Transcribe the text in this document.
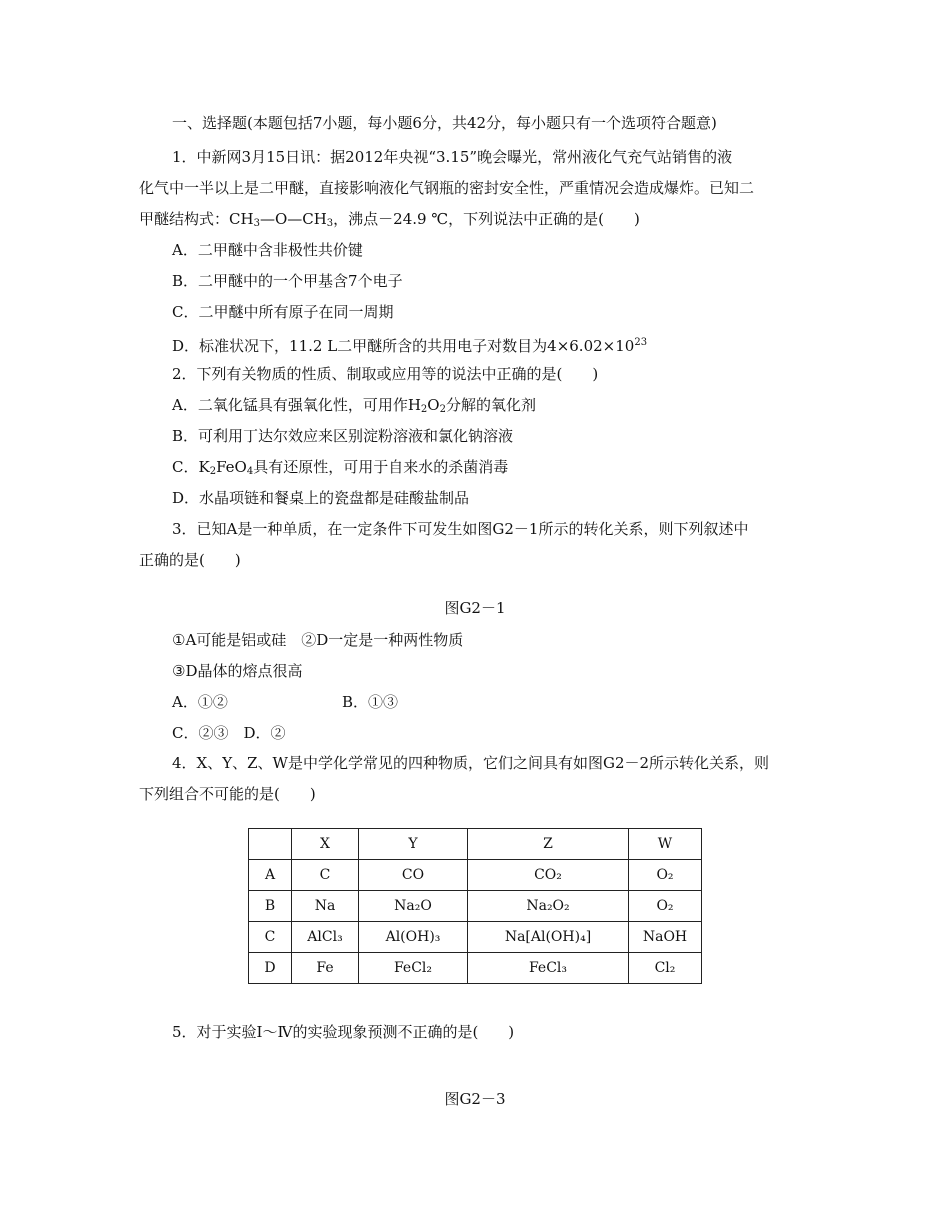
一、选择题(本题包括7小题，每小题6分，共42分，每小题只有一个选项符合题意)
1．中新网3月15日讯：据2012年央视“3.15”晚会曝光，常州液化气充气站销售的液
化气中一半以上是二甲醚，直接影响液化气钢瓶的密封安全性，严重情况会造成爆炸。已知二
甲醚结构式：$CH_3—O—CH_3$，沸点－24.9 ℃，下列说法中正确的是(　　)
A．二甲醚中含非极性共价键
B．二甲醚中的一个甲基含7个电子
C．二甲醚中所有原子在同一周期
D．标准状况下，11.2 L二甲醚所含的共用电子对数目为$4\times 6.02\times 10^{23}$
2．下列有关物质的性质、制取或应用等的说法中正确的是(　　)
A．二氧化锰具有强氧化性，可用作$H_2O_2$分解的氧化剂
B．可利用丁达尔效应来区别淀粉溶液和氯化钠溶液
C．$K_2FeO_4$具有还原性，可用于自来水的杀菌消毒
D．水晶项链和餐桌上的瓷盘都是硅酸盐制品
3．已知A是一种单质，在一定条件下可发生如图G2－1所示的转化关系，则下列叙述中
正确的是(　　)
图G2－1
①A可能是铝或硅　②D一定是一种两性物质
③D晶体的熔点很高
A．①②	B．①③
C．②③　D．②
4．X、Y、Z、W是中学化学常见的四种物质，它们之间具有如图G2－2所示转化关系，则
下列组合不可能的是(　　)
	X	Y	Z	W
A	C	CO	CO₂	O₂
B	Na	Na₂O	Na₂O₂	O₂
C	AlCl₃	Al(OH)₃	Na[Al(OH)₄]	NaOH
D	Fe	FeCl₂	FeCl₃	Cl₂
5．对于实验Ⅰ～Ⅳ的实验现象预测不正确的是(　　)
图G2－3
